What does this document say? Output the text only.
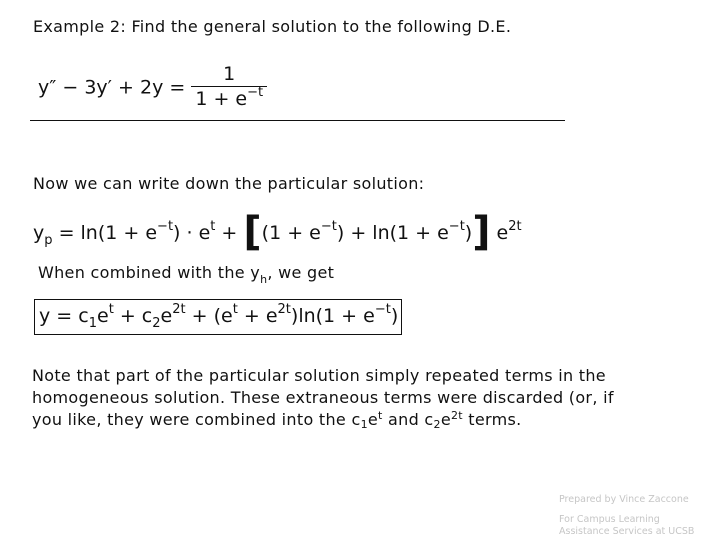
Example 2: Find the general solution to the following D.E.
$y'' - 3y' + 2y = \frac{1}{1 + e^{-t}}$
Now we can write down the particular solution:
$y_p = \ln(1 + e^{-t}) \cdot e^t + [(1 + e^{-t}) + \ln(1 + e^{-t})]$ $e^{2t}$
When combined with the $y_h$, we get
$y = c_1e^t + c_2e^{2t} + (e^t + e^{2t})\ln(1 + e^{-t})$
Note that part of the particular solution simply repeated terms in the
homogeneous solution. These extraneous terms were discarded (or, if
you like, they were combined into the $c1e^t$ and $c2e^{2t}$ terms.
Prepared by Vince Zaccone
For Campus Learning
Assistance Services at UCSB
